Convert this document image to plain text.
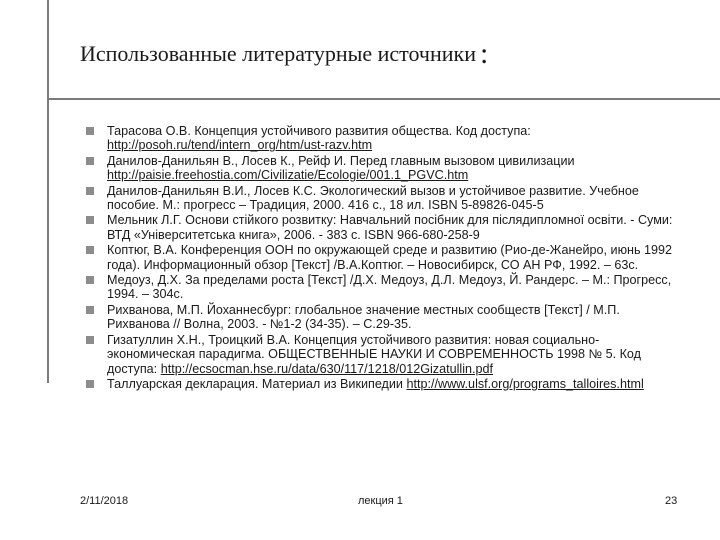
Использованные литературные источники :
Тарасова О.В. Концепция устойчивого развития общества. Код доступа: http://posoh.ru/tend/intern_org/htm/ust-razv.htm
Данилов-Данильян В., Лосев К., Рейф И. Перед главным вызовом цивилизации http://paisie.freehostia.com/Civilizatie/Ecologie/001.1_PGVC.htm
Данилов-Данильян В.И., Лосев К.С. Экологический вызов и устойчивое развитие. Учебное пособие. М.: прогресс – Традиция, 2000. 416 с., 18 ил. ISBN 5-89826-045-5
Мельник Л.Г. Основи стійкого розвитку: Навчальний посібник для післядипломної освіти. - Суми: ВТД «Університетська книга», 2006. - 383 с. ISBN 966-680-258-9
Коптюг, В.А. Конференция ООН по окружающей среде и развитию (Рио-де-Жанейро, июнь 1992 года). Информационный обзор [Текст] /В.А.Коптюг. – Новосибирск, СО АН РФ, 1992. – 63с.
Медоуз, Д.Х. За пределами роста [Текст] /Д.Х. Медоуз, Д.Л. Медоуз, Й. Рандерс. – М.: Прогресс, 1994. – 304с.
Рихванова, М.П. Йоханнесбург: глобальное значение местных сообществ [Текст] / М.П. Рихванова // Волна, 2003. - №1-2 (34-35). – С.29-35.
Гизатуллин Х.Н., Троицкий В.А. Концепция устойчивого развития: новая социально-экономическая парадигма. ОБЩЕСТВЕННЫЕ НАУКИ И СОВРЕМЕННОСТЬ 1998 № 5. Код доступа: http://ecsocman.hse.ru/data/630/117/1218/012Gizatullin.pdf
Таллуарская декларация. Материал из Википедии http://www.ulsf.org/programs_talloires.html
2/11/2018	лекция 1	23
